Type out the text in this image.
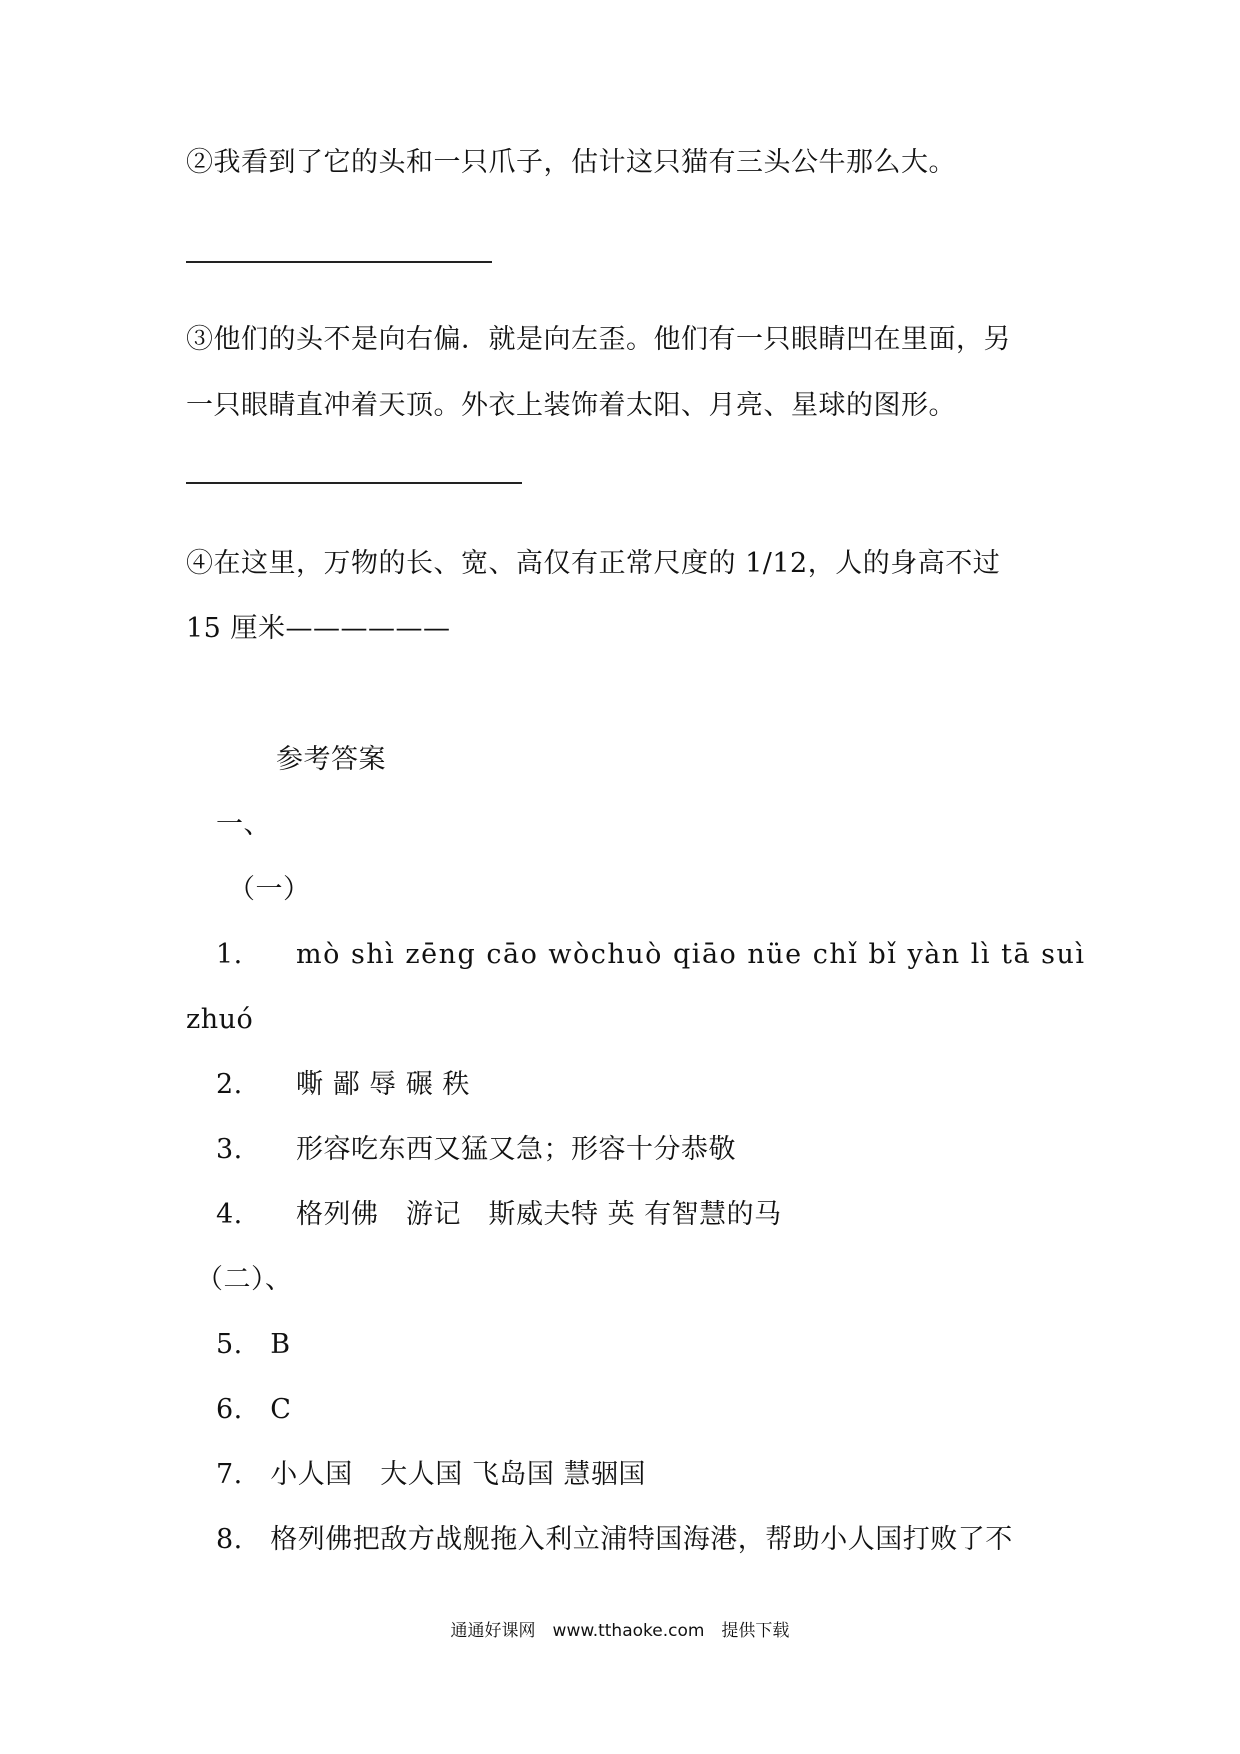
②我看到了它的头和一只爪子，估计这只猫有三头公牛那么大。
③他们的头不是向右偏．就是向左歪。他们有一只眼睛凹在里面，另
一只眼睛直冲着天顶。外衣上装饰着太阳、月亮、星球的图形。
④在这里，万物的长、宽、高仅有正常尺度的 1/12，人的身高不过
15 厘米——————
参考答案
一、
（一）
1. mò shì zēng cāo wòchuò qiāo nüe chǐ bǐ yàn lì tā suì
zhuó
2. 嘶 鄙 辱 碾 秩
3. 形容吃东西又猛又急；形容十分恭敬
4. 格列佛　游记　斯威夫特 英 有智慧的马
（二）、
5.　B
6.　C
7.　小人国　大人国 飞岛国 慧骃国
8.　格列佛把敌方战舰拖入利立浦特国海港，帮助小人国打败了不
通通好课网　www.tthaoke.com　提供下载
